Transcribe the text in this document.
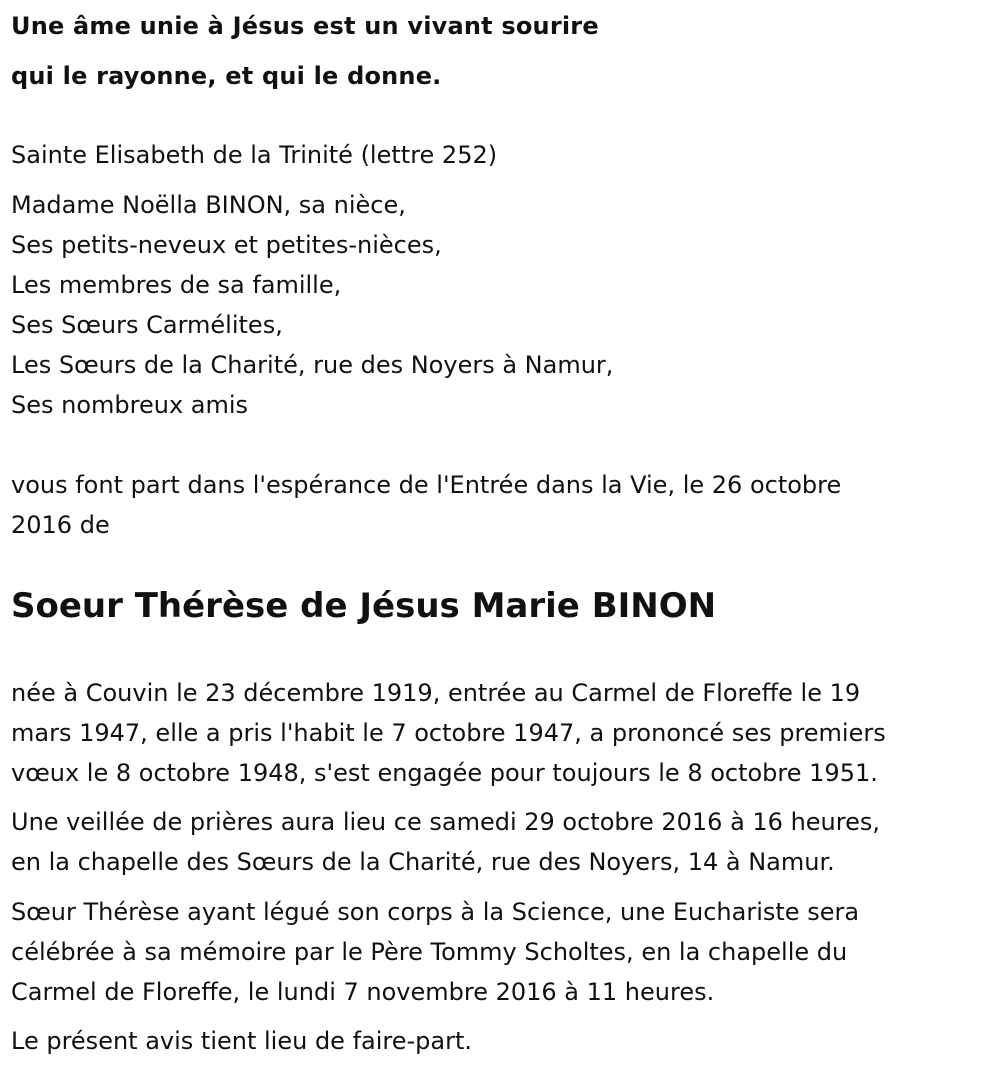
Une âme unie à Jésus est un vivant sourire

qui le rayonne, et qui le donne.

Sainte Elisabeth de la Trinité (lettre 252)

Madame Noëlla BINON, sa nièce,

Ses petits-neveux et petites-nièces,

Les membres de sa famille,

Ses Sœurs Carmélites,

Les Sœurs de la Charité, rue des Noyers à Namur,

Ses nombreux amis

vous font part dans l'espérance de l'Entrée dans la Vie, le 26 octobre

2016 de

Soeur Thérèse de Jésus Marie BINON

née à Couvin le 23 décembre 1919, entrée au Carmel de Floreffe le 19

mars 1947, elle a pris l'habit le 7 octobre 1947, a prononcé ses premiers

vœux le 8 octobre 1948, s'est engagée pour toujours le 8 octobre 1951.

Une veillée de prières aura lieu ce samedi 29 octobre 2016 à 16 heures,

en la chapelle des Sœurs de la Charité, rue des Noyers, 14 à Namur.

Sœur Thérèse ayant légué son corps à la Science, une Euchariste sera

célébrée à sa mémoire par le Père Tommy Scholtes, en la chapelle du

Carmel de Floreffe, le lundi 7 novembre 2016 à 11 heures.

Le présent avis tient lieu de faire-part.
